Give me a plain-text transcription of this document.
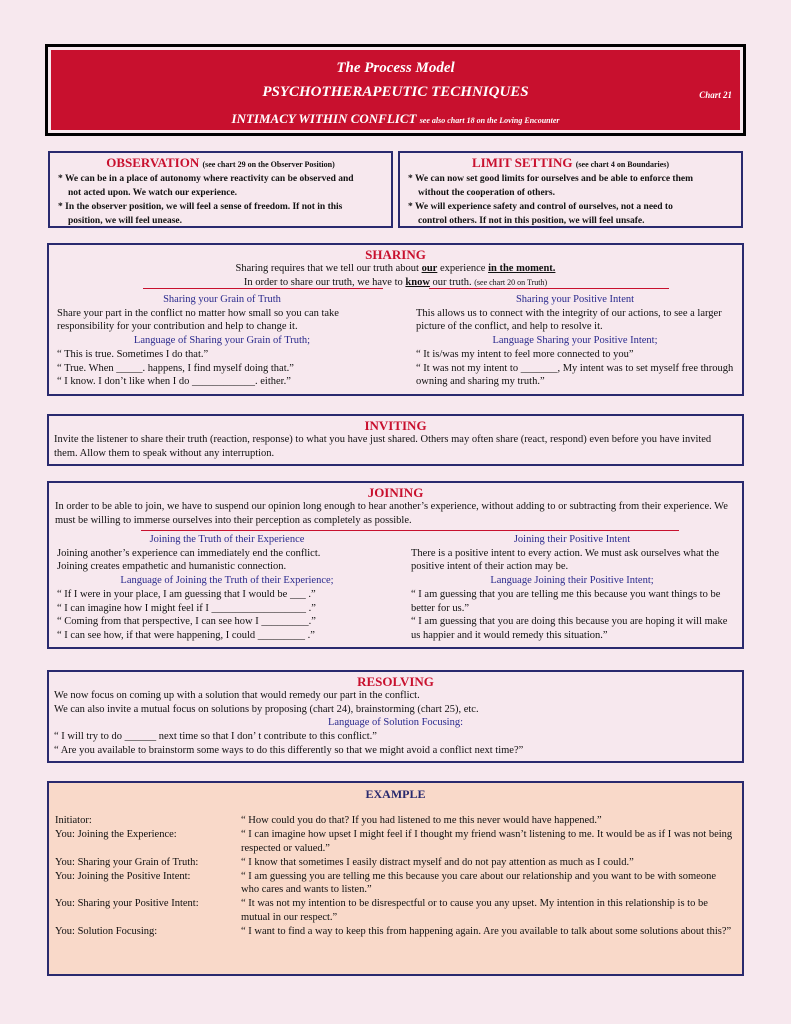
The Process Model
PSYCHOTHERAPEUTIC TECHNIQUES	Chart 21
INTIMACY WITHIN CONFLICT see also chart 18 on the Loving Encounter
OBSERVATION (see chart 29 on the Observer Position)

* We can be in a place of autonomy where reactivity can be observed and

not acted upon. We watch our experience.

* In the observer position, we will feel a sense of freedom. If not in this

position, we will feel unease.

LIMIT SETTING (see chart 4 on Boundaries)

* We can now set good limits for ourselves and be able to enforce them

without the cooperation of others.

* We will experience safety and control of ourselves, not a need to

control others. If not in this position, we will feel unsafe.

SHARING
Sharing requires that we tell our truth about our experience in the moment.
In order to share our truth, we have to know our truth. (see chart 20 on Truth)
Sharing your Grain of Truth

Share your part in the conflict no matter how small so you can take responsibility for your contribution and help to change it.

Language of Sharing your Grain of Truth;

“ This is true. Sometimes I do that.”

“ True. When _____. happens, I find myself doing that.”

“ I know. I don’t like when I do ____________. either.”

Sharing your Positive Intent

This allows us to connect with the integrity of our actions, to see a larger picture of the conflict, and help to resolve it.

Language Sharing your Positive Intent;

“ It is/was my intent to feel more connected to you”

“ It was not my intent to _______, My intent was to set myself free through owning and sharing my truth.”

INVITING

Invite the listener to share their truth (reaction, response) to what you have just shared. Others may often share (react, respond) even before you have invited them. Allow them to speak without any interruption.

JOINING

In order to be able to join, we have to suspend our opinion long enough to hear another’s experience, without adding to or subtracting from their experience. We must be willing to immerse ourselves into their perception as completely as possible.

Joining the Truth of their Experience

Joining another’s experience can immediately end the conflict.

Joining creates empathetic and humanistic connection.

Language of Joining the Truth of their Experience;

“ If I were in your place, I am guessing that I would be ___ .”

“ I can imagine how I might feel if I __________________ .”

“ Coming from that perspective, I can see how I _________.”

“ I can see how, if that were happening, I could _________ .”

Joining their Positive Intent

There is a positive intent to every action. We must ask ourselves what the positive intent of their action may be.

Language Joining their Positive Intent;

“ I am guessing that you are telling me this because you want things to be better for us.”

“ I am guessing that you are doing this because you are hoping it will make us happier and it would remedy this situation.”

RESOLVING

We now focus on coming up with a solution that would remedy our part in the conflict.

We can also invite a mutual focus on solutions by proposing (chart 24), brainstorming (chart 25), etc.

Language of Solution Focusing:

“ I will try to do ______ next time so that I don’ t contribute to this conflict.”

“ Are you available to brainstorm some ways to do this differently so that we might avoid a conflict next time?”

EXAMPLE
Initiator:	“ How could you do that? If you had listened to me this never would have happened.”

You: Joining the Experience:	“ I can imagine how upset I might feel if I thought my friend wasn’t listening to me. It would be as if I was not being respected or valued.”

You: Sharing your Grain of Truth:	“ I know that sometimes I easily distract myself and do not pay attention as much as I could.”

You: Joining the Positive Intent:	“ I am guessing you are telling me this because you care about our relationship and you want to be with someone who cares and wants to listen.”

You: Sharing your Positive Intent:	“ It was not my intention to be disrespectful or to cause you any upset. My intention in this relationship is to be mutual in our respect.”

You: Solution Focusing:	“ I want to find a way to keep this from happening again. Are you available to talk about some solutions about this?”
